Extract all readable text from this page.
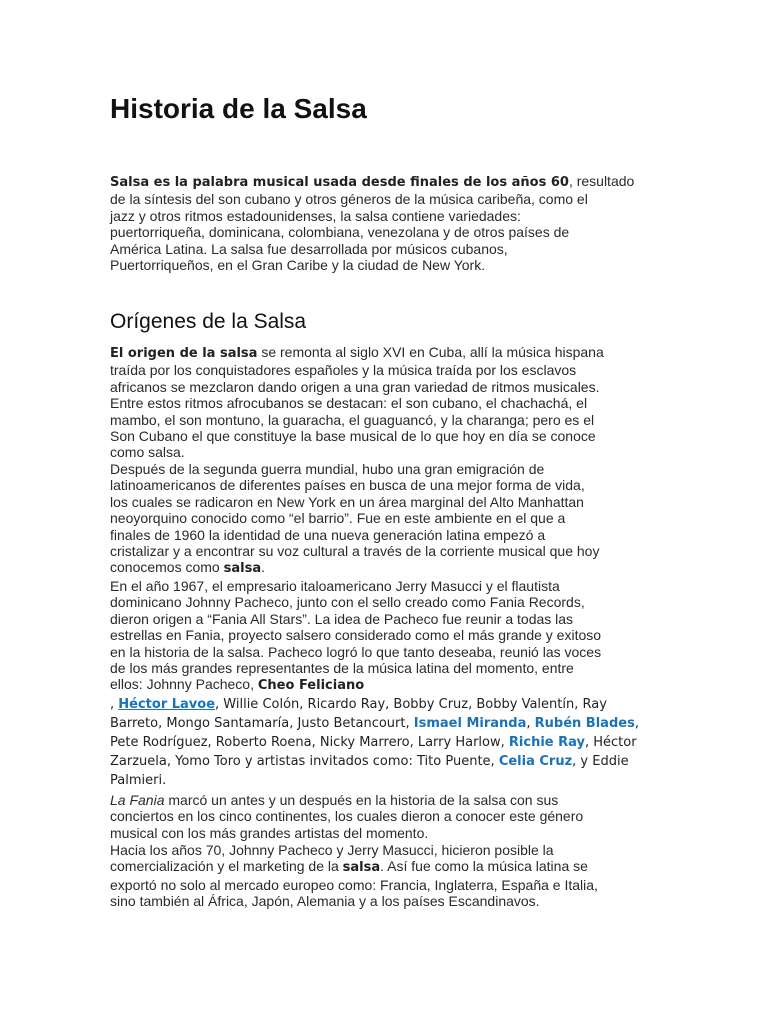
Historia de la Salsa
Salsa es la palabra musical usada desde finales de los años 60, resultado
de la síntesis del son cubano y otros géneros de la música caribeña, como el
jazz y otros ritmos estadounidenses, la salsa contiene variedades:
puertorriqueña, dominicana, colombiana, venezolana y de otros países de
América Latina. La salsa fue desarrollada por músicos cubanos,
Puertorriqueños, en el Gran Caribe y la ciudad de New York.
Orígenes de la Salsa
El origen de la salsa se remonta al siglo XVI en Cuba, allí la música hispana
traída por los conquistadores españoles y la música traída por los esclavos
africanos se mezclaron dando origen a una gran variedad de ritmos musicales.
Entre estos ritmos afrocubanos se destacan: el son cubano, el chachachá, el
mambo, el son montuno, la guaracha, el guaguancó, y la charanga; pero es el
Son Cubano el que constituye la base musical de lo que hoy en día se conoce
como salsa.
Después de la segunda guerra mundial, hubo una gran emigración de
latinoamericanos de diferentes países en busca de una mejor forma de vida,
los cuales se radicaron en New York en un área marginal del Alto Manhattan
neoyorquino conocido como “el barrio”. Fue en este ambiente en el que a
finales de 1960 la identidad de una nueva generación latina empezó a
cristalizar y a encontrar su voz cultural a través de la corriente musical que hoy
conocemos como salsa.
En el año 1967, el empresario italoamericano Jerry Masucci y el flautista
dominicano Johnny Pacheco, junto con el sello creado como Fania Records,
dieron origen a “Fania All Stars”. La idea de Pacheco fue reunir a todas las
estrellas en Fania, proyecto salsero considerado como el más grande y exitoso
en la historia de la salsa. Pacheco logró lo que tanto deseaba, reunió las voces
de los más grandes representantes de la música latina del momento, entre
ellos: Johnny Pacheco, Cheo Feliciano
, Héctor Lavoe, Willie Colón, Ricardo Ray, Bobby Cruz, Bobby Valentín, Ray
Barreto, Mongo Santamaría, Justo Betancourt, Ismael Miranda, Rubén Blades,
Pete Rodríguez, Roberto Roena, Nicky Marrero, Larry Harlow, Richie Ray, Héctor
Zarzuela, Yomo Toro y artistas invitados como: Tito Puente, Celia Cruz, y Eddie
Palmieri.
La Fania marcó un antes y un después en la historia de la salsa con sus
conciertos en los cinco continentes, los cuales dieron a conocer este género
musical con los más grandes artistas del momento.
Hacia los años 70, Johnny Pacheco y Jerry Masucci, hicieron posible la
comercialización y el marketing de la salsa. Así fue como la música latina se
exportó no solo al mercado europeo como: Francia, Inglaterra, España e Italia,
sino también al África, Japón, Alemania y a los países Escandinavos.
